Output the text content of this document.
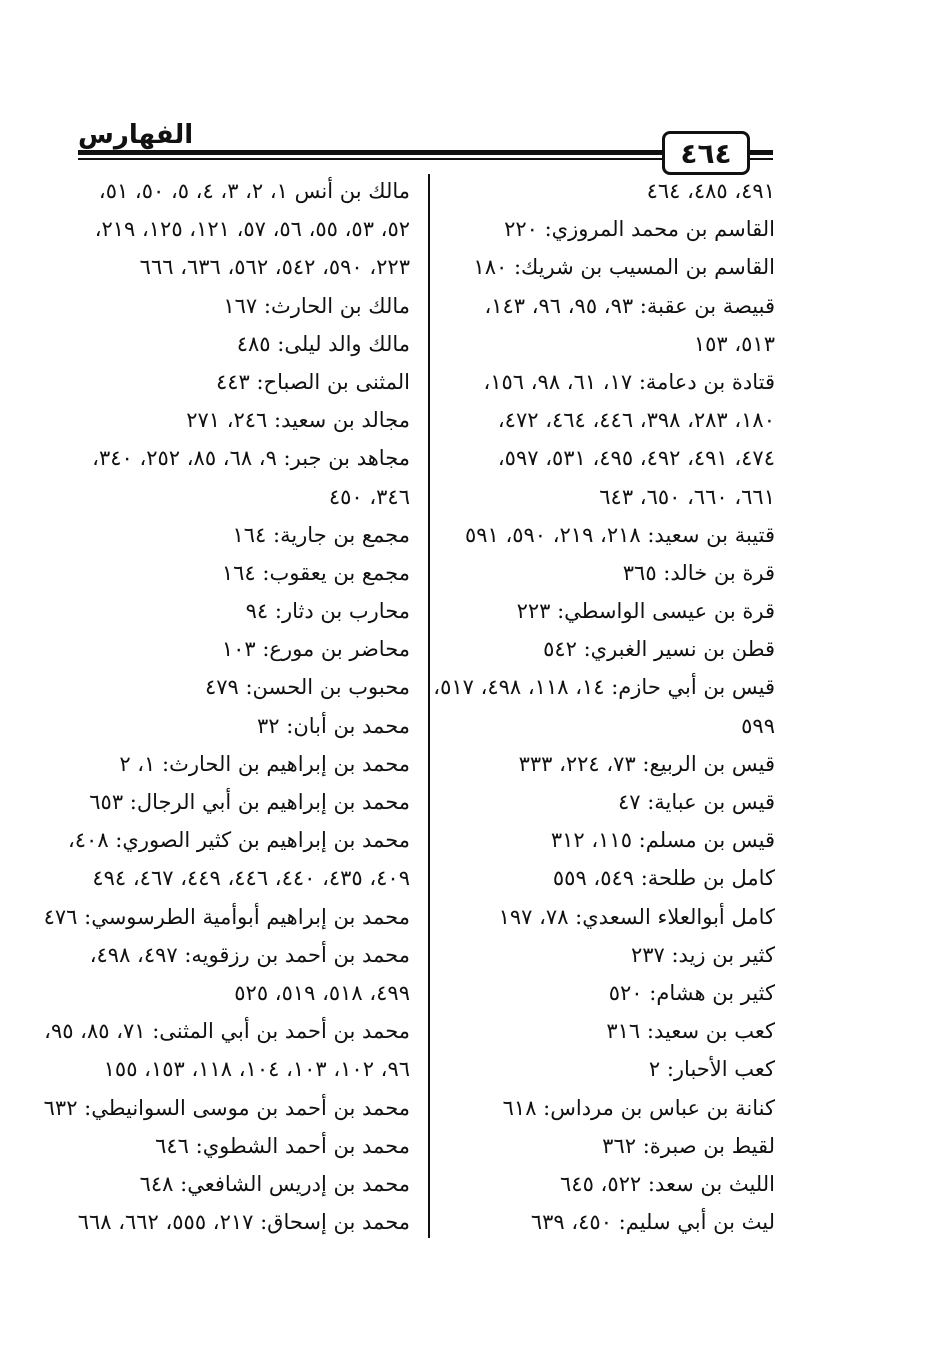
الفهارس
٤٦٤
٤٩١، ٤٨٥، ٤٦٤
القاسم بن محمد المروزي: ٢٢٠
القاسم بن المسيب بن شريك: ١٨٠
قبيصة بن عقبة: ٩٣، ٩٥، ٩٦، ١٤٣،
٥١٣، ١٥٣
قتادة بن دعامة: ١٧، ٦١، ٩٨، ١٥٦،
١٨٠، ٢٨٣، ٣٩٨، ٤٤٦، ٤٦٤، ٤٧٢،
٤٧٤، ٤٩١، ٤٩٢، ٤٩٥، ٥٣١، ٥٩٧،
٦٦١، ٦٦٠، ٦٥٠، ٦٤٣
قتيبة بن سعيد: ٢١٨، ٢١٩، ٥٩٠، ٥٩١
قرة بن خالد: ٣٦٥
قرة بن عيسى الواسطي: ٢٢٣
قطن بن نسير الغبري: ٥٤٢
قيس بن أبي حازم: ١٤، ١١٨، ٤٩٨، ٥١٧،
٥٩٩
قيس بن الربيع: ٧٣، ٢٢٤، ٣٣٣
قيس بن عباية: ٤٧
قيس بن مسلم: ١١٥، ٣١٢
كامل بن طلحة: ٥٤٩، ٥٥٩
كامل أبوالعلاء السعدي: ٧٨، ١٩٧
كثير بن زيد: ٢٣٧
كثير بن هشام: ٥٢٠
كعب بن سعيد: ٣١٦
كعب الأحبار: ٢
كنانة بن عباس بن مرداس: ٦١٨
لقيط بن صبرة: ٣٦٢
الليث بن سعد: ٥٢٢، ٦٤٥
ليث بن أبي سليم: ٤٥٠، ٦٣٩
مالك بن أنس ١، ٢، ٣، ٤، ٥، ٥٠، ٥١،
٥٢، ٥٣، ٥٥، ٥٦، ٥٧، ١٢١، ١٢٥، ٢١٩،
٢٢٣، ٥٩٠، ٥٤٢، ٥٦٢، ٦٣٦، ٦٦٦
مالك بن الحارث: ١٦٧
مالك والد ليلى: ٤٨٥
المثنى بن الصباح: ٤٤٣
مجالد بن سعيد: ٢٤٦، ٢٧١
مجاهد بن جبر: ٩، ٦٨، ٨٥، ٢٥٢، ٣٤٠،
٣٤٦، ٤٥٠
مجمع بن جارية: ١٦٤
مجمع بن يعقوب: ١٦٤
محارب بن دثار: ٩٤
محاضر بن مورع: ١٠٣
محبوب بن الحسن: ٤٧٩
محمد بن أبان: ٣٢
محمد بن إبراهيم بن الحارث: ١، ٢
محمد بن إبراهيم بن أبي الرجال: ٦٥٣
محمد بن إبراهيم بن كثير الصوري: ٤٠٨،
٤٠٩، ٤٣٥، ٤٤٠، ٤٤٦، ٤٤٩، ٤٦٧، ٤٩٤
محمد بن إبراهيم أبوأمية الطرسوسي: ٤٧٦
محمد بن أحمد بن رزقويه: ٤٩٧، ٤٩٨،
٤٩٩، ٥١٨، ٥١٩، ٥٢٥
محمد بن أحمد بن أبي المثنى: ٧١، ٨٥، ٩٥،
٩٦، ١٠٢، ١٠٣، ١٠٤، ١١٨، ١٥٣، ١٥٥
محمد بن أحمد بن موسى السوانيطي: ٦٣٢
محمد بن أحمد الشطوي: ٦٤٦
محمد بن إدريس الشافعي: ٦٤٨
محمد بن إسحاق: ٢١٧، ٥٥٥، ٦٦٢، ٦٦٨
